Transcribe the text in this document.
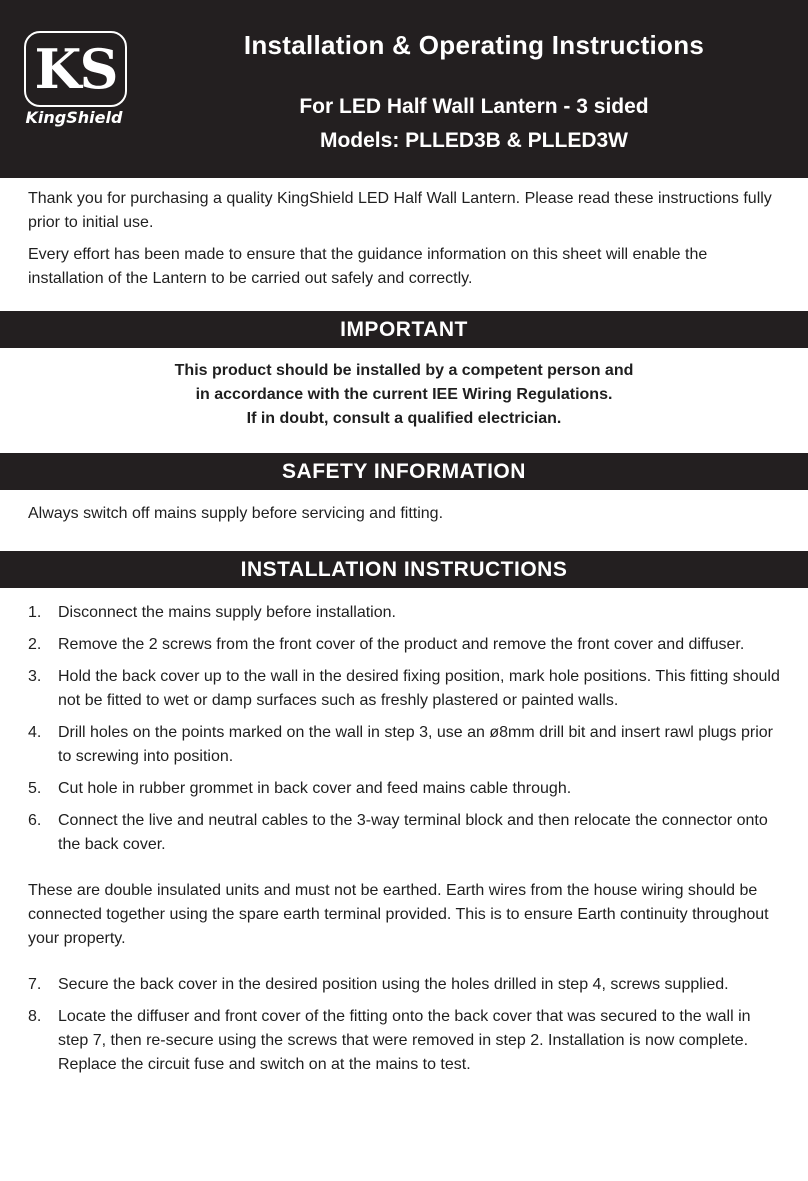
KS
KingShield
Installation & Operating Instructions
For LED Half Wall Lantern - 3 sided
Models: PLLED3B & PLLED3W

Thank you for purchasing a quality KingShield LED Half Wall Lantern. Please read these instructions fully prior to initial use.

Every effort has been made to ensure that the guidance information on this sheet will enable the installation of the Lantern to be carried out safely and correctly.

IMPORTANT
This product should be installed by a competent person and
in accordance with the current IEE Wiring Regulations.
If in doubt, consult a qualified electrician.
SAFETY INFORMATION
Always switch off mains supply before servicing and fitting.
INSTALLATION INSTRUCTIONS
1. Disconnect the mains supply before installation.
2. Remove the 2 screws from the front cover of the product and remove the front cover and diffuser.
3. Hold the back cover up to the wall in the desired fixing position, mark hole positions. This fitting should not be fitted to wet or damp surfaces such as freshly plastered or painted walls.
4. Drill holes on the points marked on the wall in step 3, use an ø8mm drill bit and insert rawl plugs prior to screwing into position.
5. Cut hole in rubber grommet in back cover and feed mains cable through.
6. Connect the live and neutral cables to the 3-way terminal block and then relocate the connector onto the back cover.
These are double insulated units and must not be earthed. Earth wires from the house wiring should be connected together using the spare earth terminal provided. This is to ensure Earth continuity throughout your property.
7. Secure the back cover in the desired position using the holes drilled in step 4, screws supplied.
8. Locate the diffuser and front cover of the fitting onto the back cover that was secured to the wall in step 7, then re-secure using the screws that were removed in step 2. Installation is now complete. Replace the circuit fuse and switch on at the mains to test.
